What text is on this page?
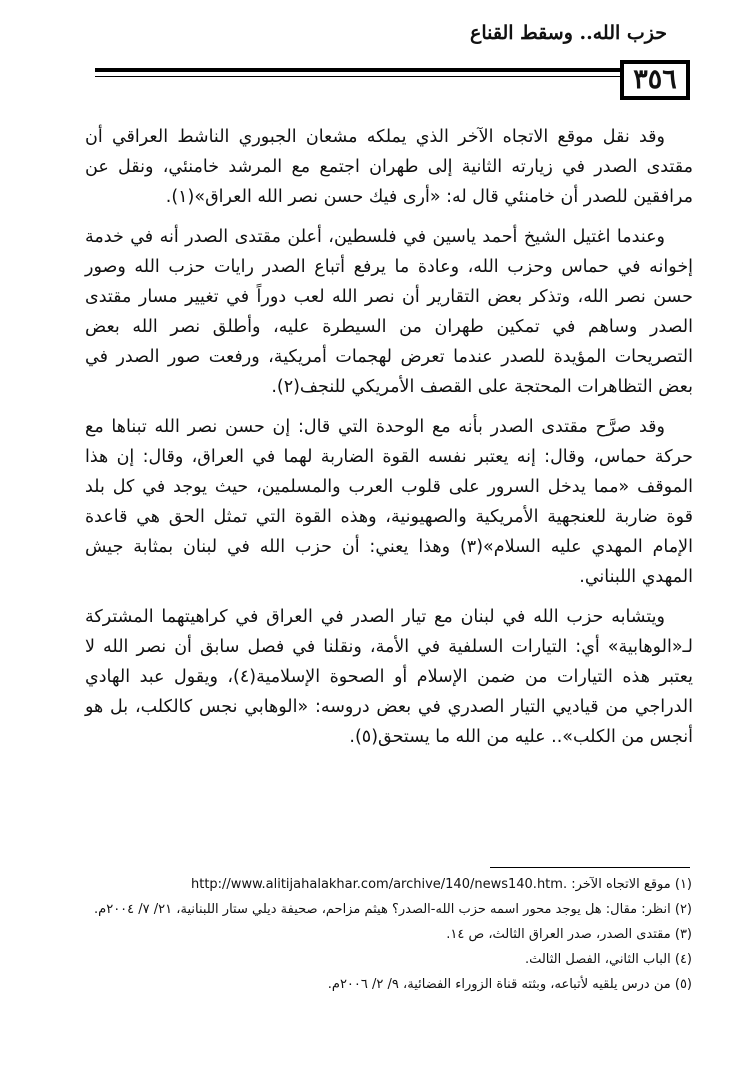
حزب الله.. وسقط القناع
٣٥٦

وقد نقل موقع الاتجاه الآخر الذي يملكه مشعان الجبوري الناشط العراقي أن مقتدى الصدر في زيارته الثانية إلى طهران اجتمع مع المرشد خامنئي، ونقل عن مرافقين للصدر أن خامنئي قال له: «أرى فيك حسن نصر الله العراق»(١).

وعندما اغتيل الشيخ أحمد ياسين في فلسطين، أعلن مقتدى الصدر أنه في خدمة إخوانه في حماس وحزب الله، وعادة ما يرفع أتباع الصدر رايات حزب الله وصور حسن نصر الله، وتذكر بعض التقارير أن نصر الله لعب دوراً في تغيير مسار مقتدى الصدر وساهم في تمكين طهران من السيطرة عليه، وأطلق نصر الله بعض التصريحات المؤيدة للصدر عندما تعرض لهجمات أمريكية، ورفعت صور الصدر في بعض التظاهرات المحتجة على القصف الأمريكي للنجف(٢).

وقد صرَّح مقتدى الصدر بأنه مع الوحدة التي قال: إن حسن نصر الله تبناها مع حركة حماس، وقال: إنه يعتبر نفسه القوة الضاربة لهما في العراق، وقال: إن هذا الموقف «مما يدخل السرور على قلوب العرب والمسلمين، حيث يوجد في كل بلد قوة ضاربة للعنجهية الأمريكية والصهيونية، وهذه القوة التي تمثل الحق هي قاعدة الإمام المهدي عليه السلام»(٣) وهذا يعني: أن حزب الله في لبنان بمثابة جيش المهدي اللبناني.

ويتشابه حزب الله في لبنان مع تيار الصدر في العراق في كراهيتهما المشتركة لـ«الوهابية» أي: التيارات السلفية في الأمة، ونقلنا في فصل سابق أن نصر الله لا يعتبر هذه التيارات من ضمن الإسلام أو الصحوة الإسلامية(٤)، ويقول عبد الهادي الدراجي من قياديي التيار الصدري في بعض دروسه: «الوهابي نجس كالكلب، بل هو أنجس من الكلب».. عليه من الله ما يستحق(٥).

(١) موقع الاتجاه الآخر: http://www.alitijahalakhar.com/archive/140/news140.htm.

(٢) انظر: مقال: هل يوجد محور اسمه حزب الله-الصدر؟ هيثم مزاحم، صحيفة ديلي ستار اللبنانية، ٢١/ ٧/ ٢٠٠٤م.

(٣) مقتدى الصدر، صدر العراق الثالث، ص ١٤.

(٤) الباب الثاني، الفصل الثالث.

(٥) من درس يلقيه لأتباعه، وبثته قناة الزوراء الفضائية، ٩/ ٢/ ٢٠٠٦م.
